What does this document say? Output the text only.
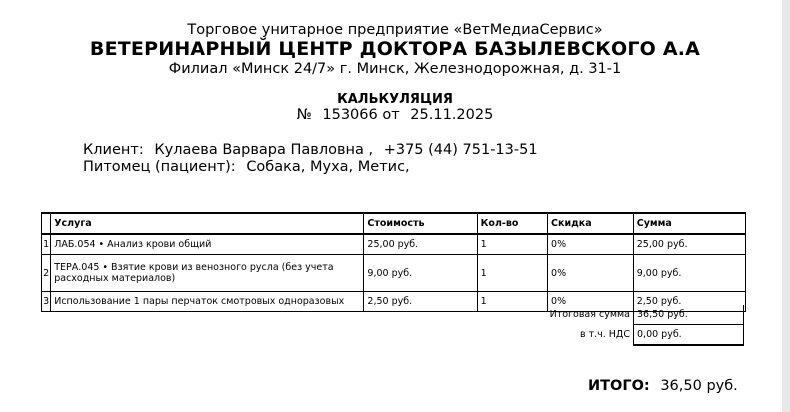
Торговое унитарное предприятие «ВетМедиаСервис»
ВЕТЕРИНАРНЫЙ ЦЕНТР ДОКТОРА БАЗЫЛЕВСКОГО А.А
Филиал «Минск 24/7» г. Минск, Железнодорожная, д. 31-1
КАЛЬКУЛЯЦИЯ
№ 153066 от 25.11.2025
Клиент: Кулаева Варвара Павловна , +375 (44) 751-13-51
Питомец (пациент): Собака, Муха, Метис,
	Услуга	Стоимость	Кол-во	Скидка	Сумма
1	ЛАБ.054 • Анализ крови общий	25,00 руб.	1	0%	25,00 руб.
2	ТЕРА.045 • Взятие крови из венозного русла (без учета расходных материалов)	9,00 руб.	1	0%	9,00 руб.
3	Использование 1 пары перчаток смотровых одноразовых	2,50 руб.	1	0%	2,50 руб.
Итоговая сумма	36,50 руб.
в т.ч. НДС	0,00 руб.
ИТОГО: 36,50 руб.
